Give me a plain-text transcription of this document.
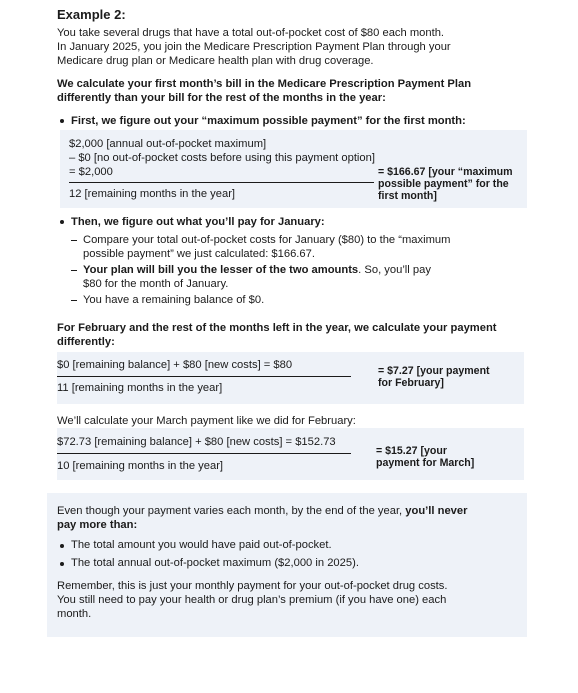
Example 2:
You take several drugs that have a total out-of-pocket cost of $80 each month.
In January 2025, you join the Medicare Prescription Payment Plan through your
Medicare drug plan or Medicare health plan with drug coverage.
We calculate your first month’s bill in the Medicare Prescription Payment Plan
differently than your bill for the rest of the months in the year:
First, we figure out your “maximum possible payment” for the first month:
$2,000 [annual out-of-pocket maximum]
– $0 [no out-of-pocket costs before using this payment option]
= $2,000
12 [remaining months in the year]
= $166.67 [your “maximum
possible payment” for the
first month]
Then, we figure out what you’ll pay for January:
Compare your total out-of-pocket costs for January ($80) to the “maximum
possible payment” we just calculated: $166.67.
Your plan will bill you the lesser of the two amounts. So, you’ll pay
$80 for the month of January.
You have a remaining balance of $0.
For February and the rest of the months left in the year, we calculate your payment
differently:
$0 [remaining balance] + $80 [new costs] = $80
11 [remaining months in the year]
= $7.27 [your payment
for February]
We’ll calculate your March payment like we did for February:
$72.73 [remaining balance] + $80 [new costs] = $152.73
10 [remaining months in the year]
= $15.27 [your
payment for March]
Even though your payment varies each month, by the end of the year, you’ll never
pay more than:
The total amount you would have paid out-of-pocket.
The total annual out-of-pocket maximum ($2,000 in 2025).
Remember, this is just your monthly payment for your out-of-pocket drug costs.
You still need to pay your health or drug plan’s premium (if you have one) each
month.
